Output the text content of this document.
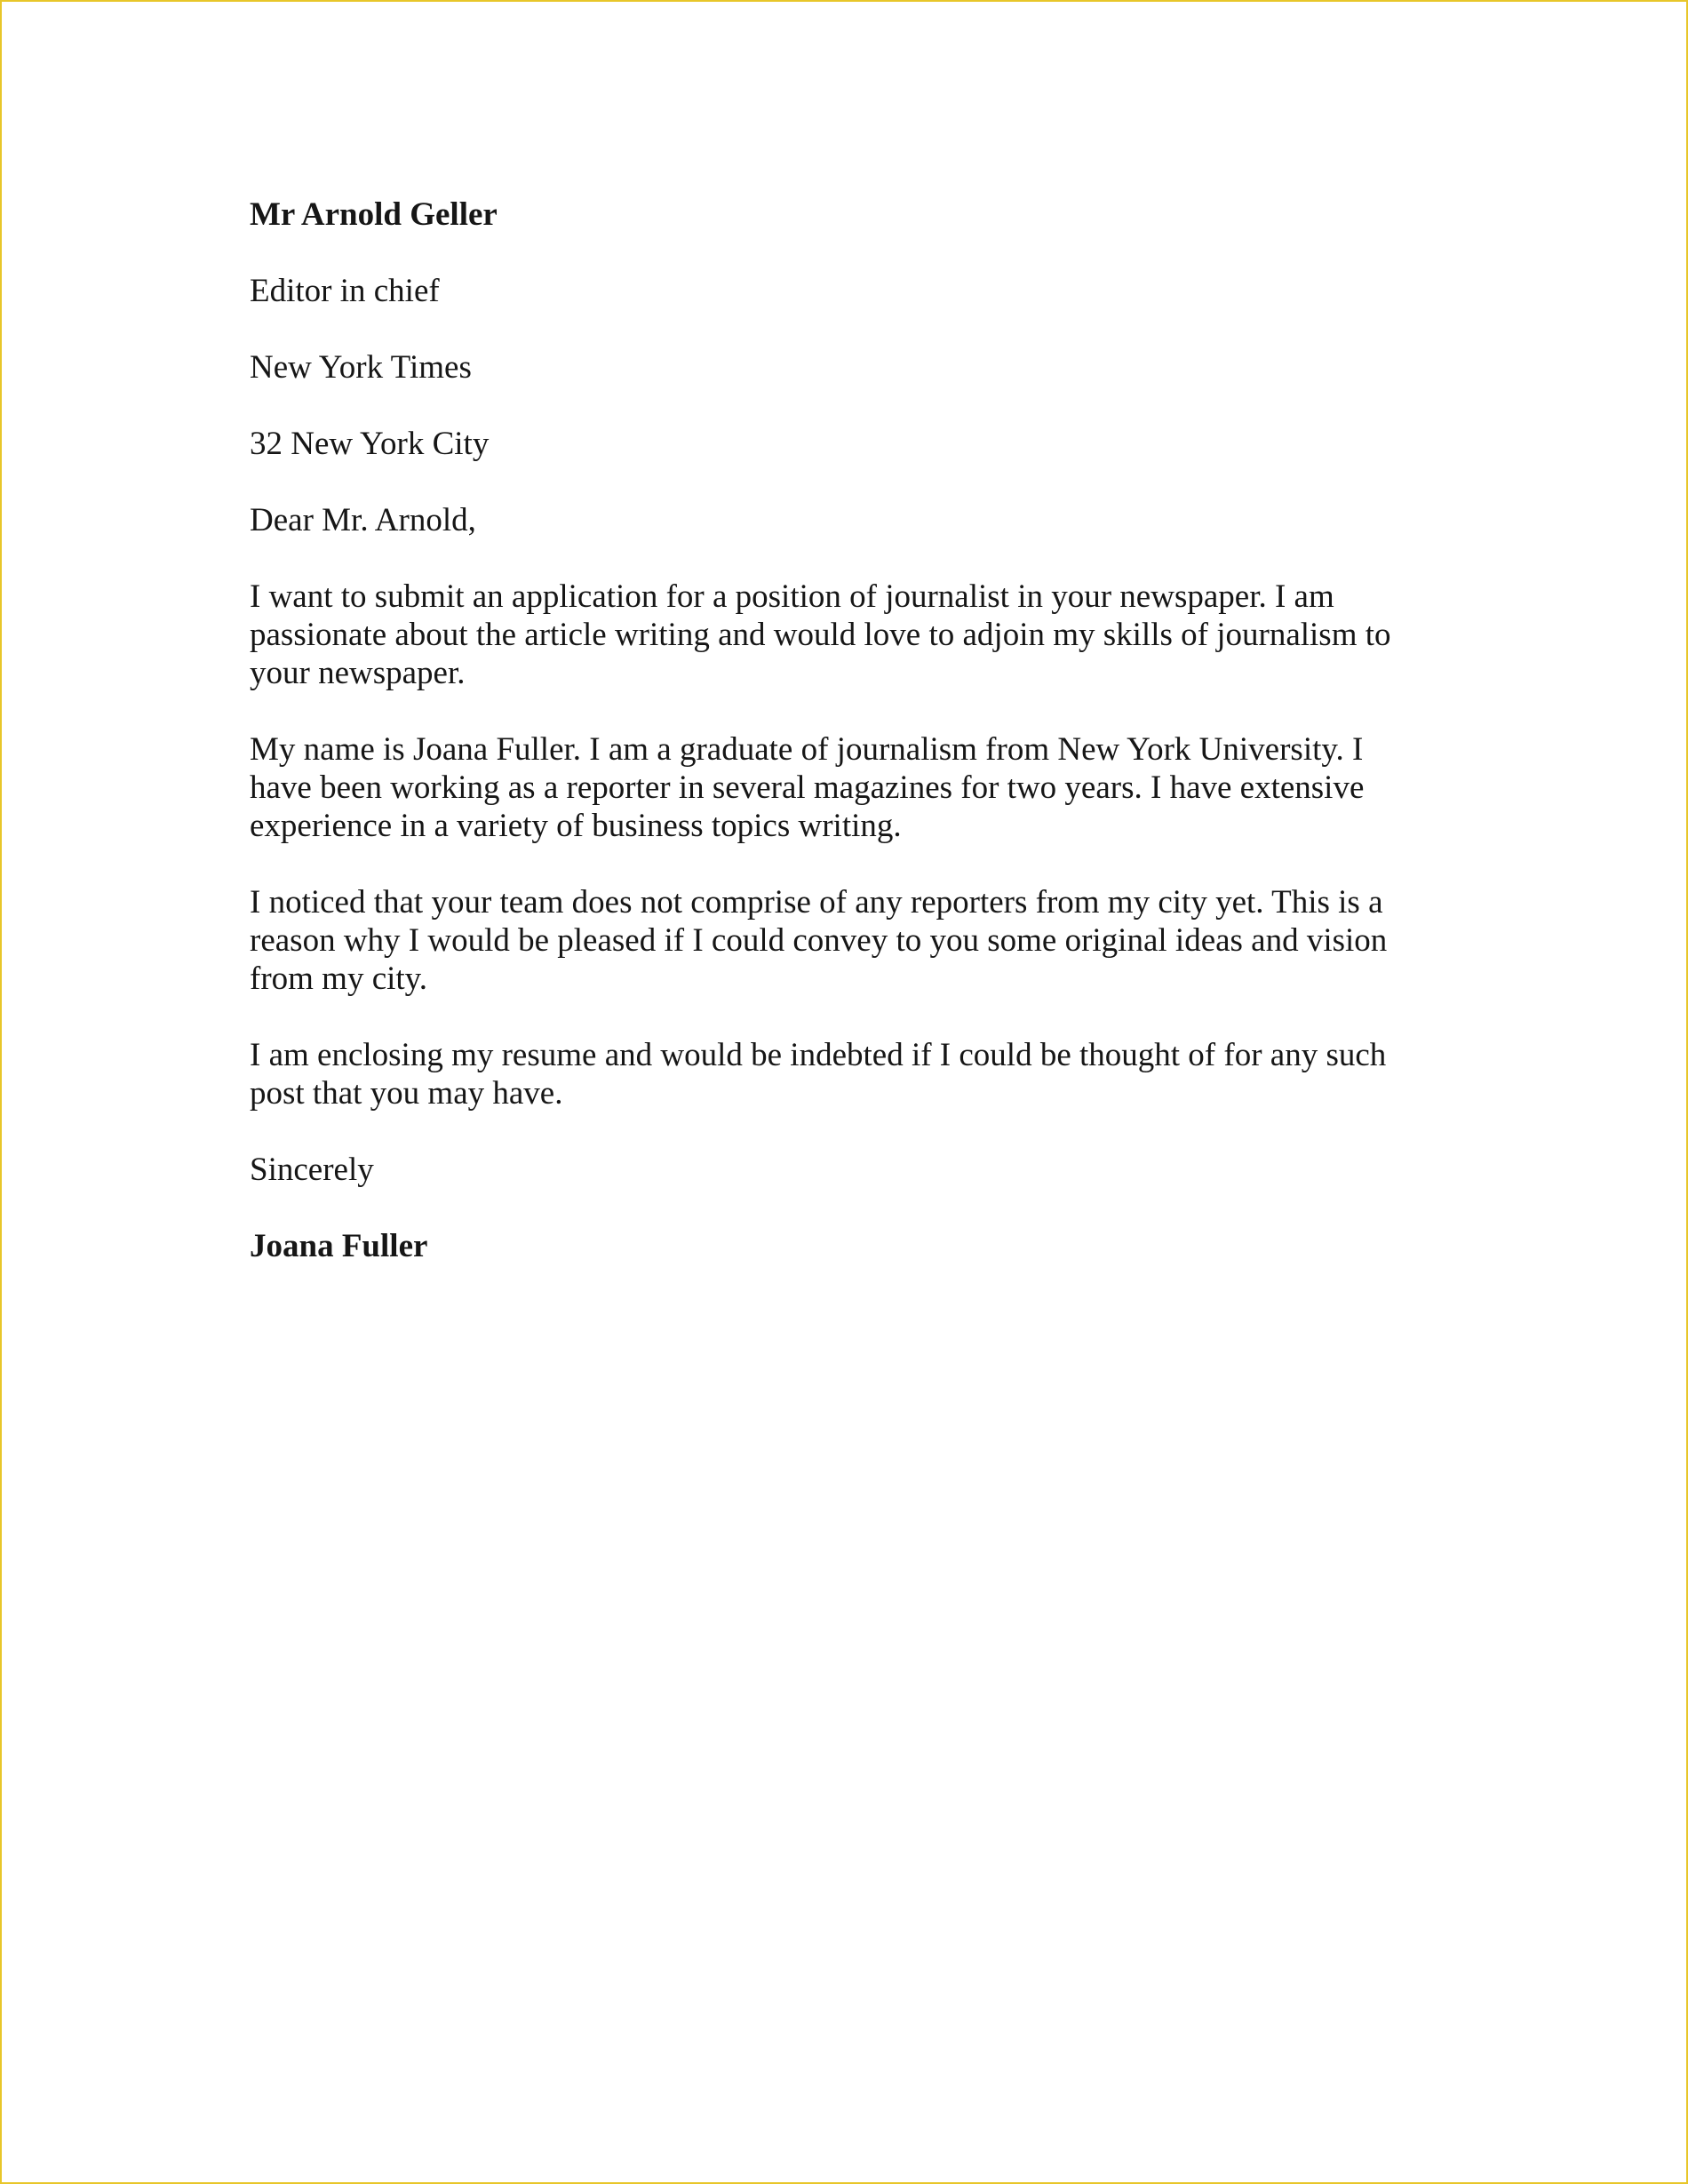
Mr Arnold Geller

Editor in chief

New York Times

32 New York City

Dear Mr. Arnold,

I want to submit an application for a position of journalist in your newspaper. I am passionate about the article writing and would love to adjoin my skills of journalism to your newspaper.

My name is Joana Fuller. I am a graduate of journalism from New York University. I have been working as a reporter in several magazines for two years. I have extensive experience in a variety of business topics writing.

I noticed that your team does not comprise of any reporters from my city yet. This is a reason why I would be pleased if I could convey to you some original ideas and vision from my city.

I am enclosing my resume and would be indebted if I could be thought of for any such post that you may have.

Sincerely

Joana Fuller
